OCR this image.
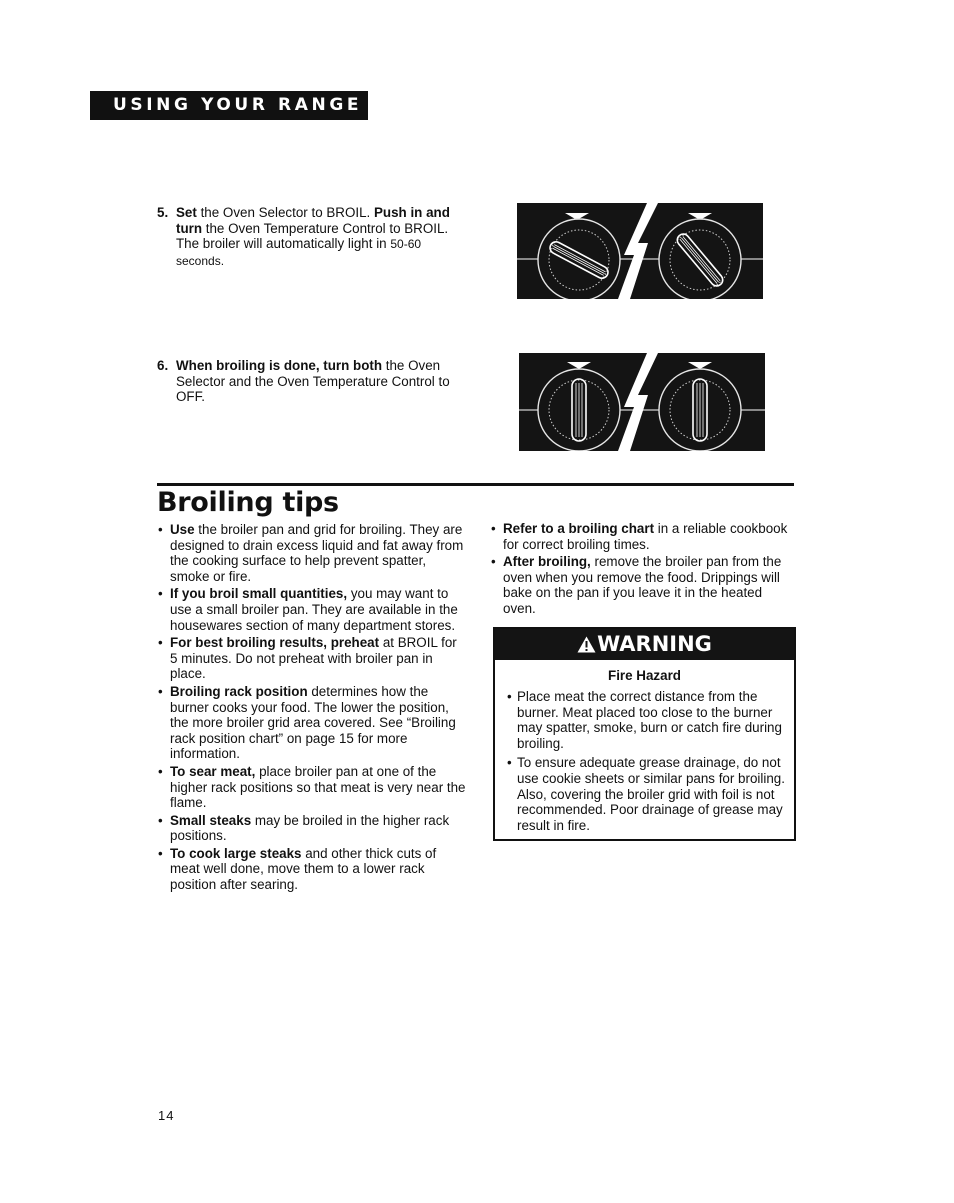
USING YOUR RANGE
5. Set the Oven Selector to BROIL. Push in and turn the Oven Temperature Control to BROIL. The broiler will automatically light in 50-60 seconds.
6. When broiling is done, turn both the Oven Selector and the Oven Temperature Control to OFF.
Broiling tips
• Use the broiler pan and grid for broiling. They are designed to drain excess liquid and fat away from the cooking surface to help prevent spatter, smoke or fire.
• If you broil small quantities, you may want to use a small broiler pan. They are available in the housewares section of many department stores.
• For best broiling results, preheat at BROIL for 5 minutes. Do not preheat with broiler pan in place.
• Broiling rack position determines how the burner cooks your food. The lower the position, the more broiler grid area covered. See “Broiling rack position chart” on page 15 for more information.
• To sear meat, place broiler pan at one of the higher rack positions so that meat is very near the flame.
• Small steaks may be broiled in the higher rack positions.
• To cook large steaks and other thick cuts of meat well done, move them to a lower rack position after searing.
• Refer to a broiling chart in a reliable cookbook for correct broiling times.
• After broiling, remove the broiler pan from the oven when you remove the food. Drippings will bake on the pan if you leave it in the heated oven.
WARNING
Fire Hazard
• Place meat the correct distance from the burner. Meat placed too close to the burner may spatter, smoke, burn or catch fire during broiling.
• To ensure adequate grease drainage, do not use cookie sheets or similar pans for broiling. Also, covering the broiler grid with foil is not recommended. Poor drainage of grease may result in fire.
14
